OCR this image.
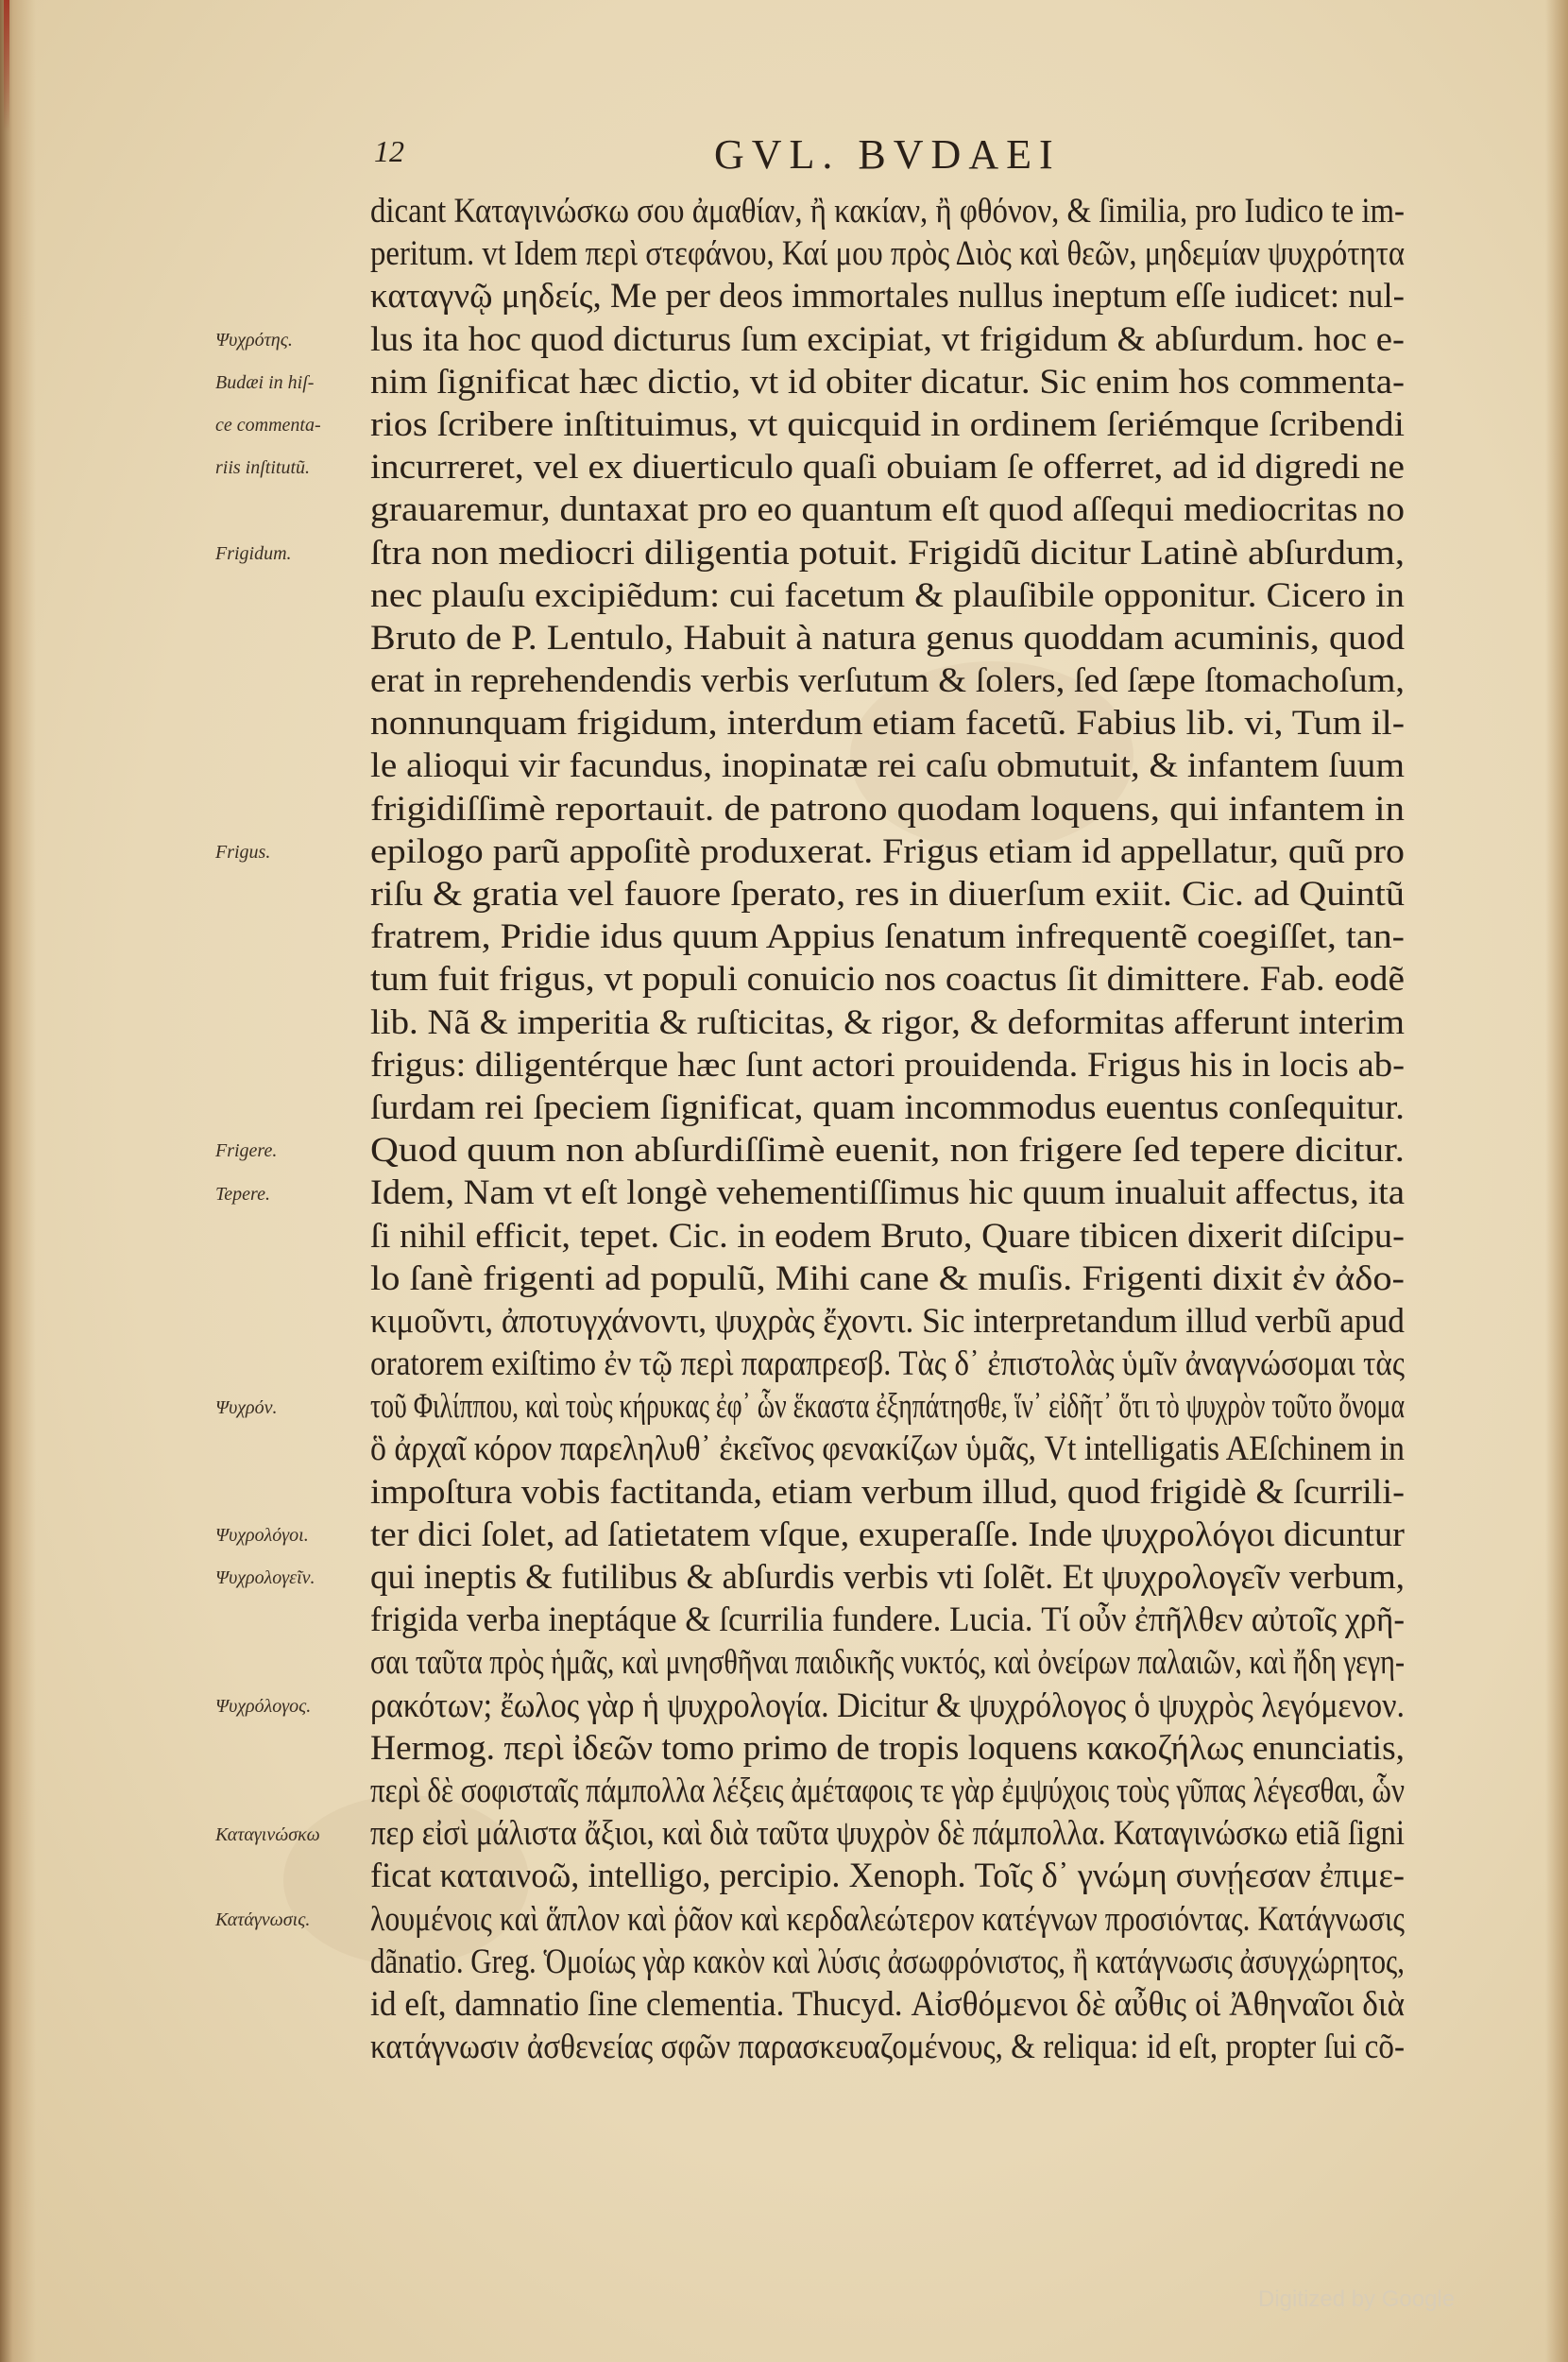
12	GVL. BVDAEI
dicant Καταγινώσκω σου ἀμαθίαν, ἢ κακίαν, ἢ φθόνον, & ſimilia, pro Iudico te im-
peritum. vt Idem περὶ στεφάνου, Καί μου πρὸς Διὸς καὶ θεῶν, μηδεμίαν ψυχρότητα
καταγνῷ μηδείς, Me per deos immortales nullus ineptum eſſe iudicet: nul-
lus ita hoc quod dicturus ſum excipiat, vt frigidum & abſurdum. hoc e-
nim ſignificat hæc dictio, vt id obiter dicatur. Sic enim hos commenta-
rios ſcribere inſtituimus, vt quicquid in ordinem ſeriémque ſcribendi
incurreret, vel ex diuerticulo quaſi obuiam ſe offerret, ad id digredi ne
grauaremur, duntaxat pro eo quantum eſt quod aſſequi mediocritas no
ſtra non mediocri diligentia potuit. Frigidũ dicitur Latinè abſurdum,
nec plauſu excipiẽdum: cui facetum & plauſibile opponitur. Cicero in
Bruto de P. Lentulo, Habuit à natura genus quoddam acuminis, quod
erat in reprehendendis verbis verſutum & ſolers, ſed ſæpe ſtomachoſum,
nonnunquam frigidum, interdum etiam facetũ. Fabius lib. vi, Tum il-
le alioqui vir facundus, inopinatæ rei caſu obmutuit, & infantem ſuum
frigidiſſimè reportauit. de patrono quodam loquens, qui infantem in
epilogo parũ appoſitè produxerat. Frigus etiam id appellatur, quũ pro
riſu & gratia vel fauore ſperato, res in diuerſum exiit. Cic. ad Quintũ
fratrem, Pridie idus quum Appius ſenatum infrequentẽ coegiſſet, tan-
tum fuit frigus, vt populi conuicio nos coactus ſit dimittere. Fab. eodẽ
lib. Nã & imperitia & ruſticitas, & rigor, & deformitas afferunt interim
frigus: diligentérque hæc ſunt actori prouidenda. Frigus his in locis ab-
ſurdam rei ſpeciem ſignificat, quam incommodus euentus conſequitur.
Quod quum non abſurdiſſimè euenit, non frigere ſed tepere dicitur.
Idem, Nam vt eſt longè vehementiſſimus hic quum inualuit affectus, ita
ſi nihil efficit, tepet. Cic. in eodem Bruto, Quare tibicen dixerit diſcipu-
lo ſanè frigenti ad populũ, Mihi cane & muſis. Frigenti dixit ἐν ἀδο-
κιμοῦντι, ἀποτυγχάνοντι, ψυχρὰς ἔχοντι. Sic interpretandum illud verbũ apud
oratorem exiſtimo ἐν τῷ περὶ παραπρεσβ. Τὰς δ᾽ ἐπιστολὰς ὑμῖν ἀναγνώσομαι τὰς
τοῦ Φιλίππου, καὶ τοὺς κήρυκας ἐφ᾽ ὧν ἕκαστα ἐξηπάτησθε, ἵν᾽ εἰδῆτ᾽ ὅτι τὸ ψυχρὸν τοῦτο ὄνομα
ὃ ἀρχαῖ κόρον παρεληλυθ᾽ ἐκεῖνος φενακίζων ὑμᾶς, Vt intelligatis AEſchinem in
impoſtura vobis factitanda, etiam verbum illud, quod frigidè & ſcurrili-
ter dici ſolet, ad ſatietatem vſque, exuperaſſe. Inde ψυχρολόγοι dicuntur
qui ineptis & futilibus & abſurdis verbis vti ſolẽt. Et ψυχρολογεῖν verbum,
frigida verba ineptáque & ſcurrilia fundere. Lucia. Τί οὖν ἐπῆλθεν αὐτοῖς χρῆ-
σαι ταῦτα πρὸς ἡμᾶς, καὶ μνησθῆναι παιδικῆς νυκτός, καὶ ὀνείρων παλαιῶν, καὶ ἤδη γεγη-
ρακότων; ἔωλος γὰρ ἡ ψυχρολογία. Dicitur & ψυχρόλογος ὁ ψυχρὸς λεγόμενον.
Hermog. περὶ ἰδεῶν tomo primo de tropis loquens κακοζήλως enunciatis,
περὶ δὲ σοφισταῖς πάμπολλα λέξεις ἀμέταφοις τε γὰρ ἐμψύχοις τοὺς γῦπας λέγεσθαι, ὧν
περ εἰσὶ μάλιστα ἄξιοι, καὶ διὰ ταῦτα ψυχρὸν δὲ πάμπολλα. Καταγινώσκω etiã ſigni
ficat καταινοῶ, intelligo, percipio. Xenoph. Τοῖς δ᾽ γνώμη συνῄεσαν ἐπιμε-
λουμένοις καὶ ἅπλον καὶ ῥᾶον καὶ κερδαλεώτερον κατέγνων προσιόντας. Κατάγνωσις
dãnatio. Greg. Ὁμοίως γὰρ κακὸν καὶ λύσις ἀσωφρόνιστος, ἢ κατάγνωσις ἀσυγχώρητος,
id eſt, damnatio ſine clementia. Thucyd. Αἰσθόμενοι δὲ αὖθις οἱ Ἀθηναῖοι διὰ
κατάγνωσιν ἀσθενείας σφῶν παρασκευαζομένους, & reliqua: id eſt, propter ſui cõ-
Ψυχρότης.
Budæi in hiſ-
ce commenta-
riis inſtitutũ.
Frigidum.
Frigus.
Frigere.
Tepere.
Ψυχρόν.
Ψυχρολόγοι.
Ψυχρολογεῖν.
Ψυχρόλογος.
Καταγινώσκω
Κατάγνωσις.
Digitized by Google
